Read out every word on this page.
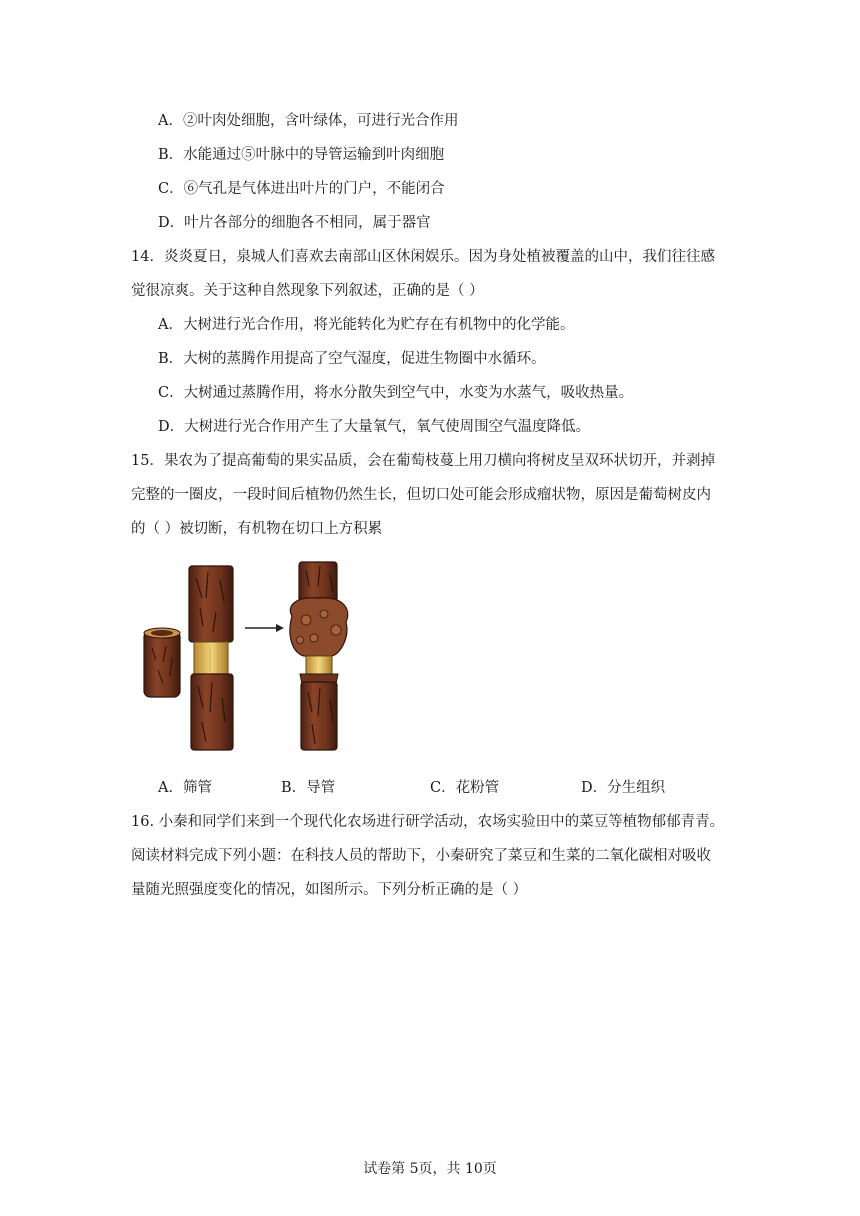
A．②叶肉处细胞，含叶绿体，可进行光合作用
B．水能通过⑤叶脉中的导管运输到叶肉细胞
C．⑥气孔是气体进出叶片的门户，不能闭合
D．叶片各部分的细胞各不相同，属于器官
14．炎炎夏日，泉城人们喜欢去南部山区休闲娱乐。因为身处植被覆盖的山中，我们往往感
觉很凉爽。关于这种自然现象下列叙述，正确的是（ ）
A．大树进行光合作用，将光能转化为贮存在有机物中的化学能。
B．大树的蒸腾作用提高了空气湿度，促进生物圈中水循环。
C．大树通过蒸腾作用，将水分散失到空气中，水变为水蒸气，吸收热量。
D．大树进行光合作用产生了大量氧气，氧气使周围空气温度降低。
15．果农为了提高葡萄的果实品质，会在葡萄枝蔓上用刀横向将树皮呈双环状切开，并剥掉
完整的一圈皮，一段时间后植物仍然生长，但切口处可能会形成瘤状物，原因是葡萄树皮内
的（ ）被切断，有机物在切口上方积累
A．筛管	B．导管	C．花粉管	D．分生组织
16. 小秦和同学们来到一个现代化农场进行研学活动，农场实验田中的菜豆等植物郁郁青青。
阅读材料完成下列小题：在科技人员的帮助下，小秦研究了菜豆和生菜的二氧化碳相对吸收
量随光照强度变化的情况，如图所示。下列分析正确的是（ ）
试卷第 5页，共 10页
